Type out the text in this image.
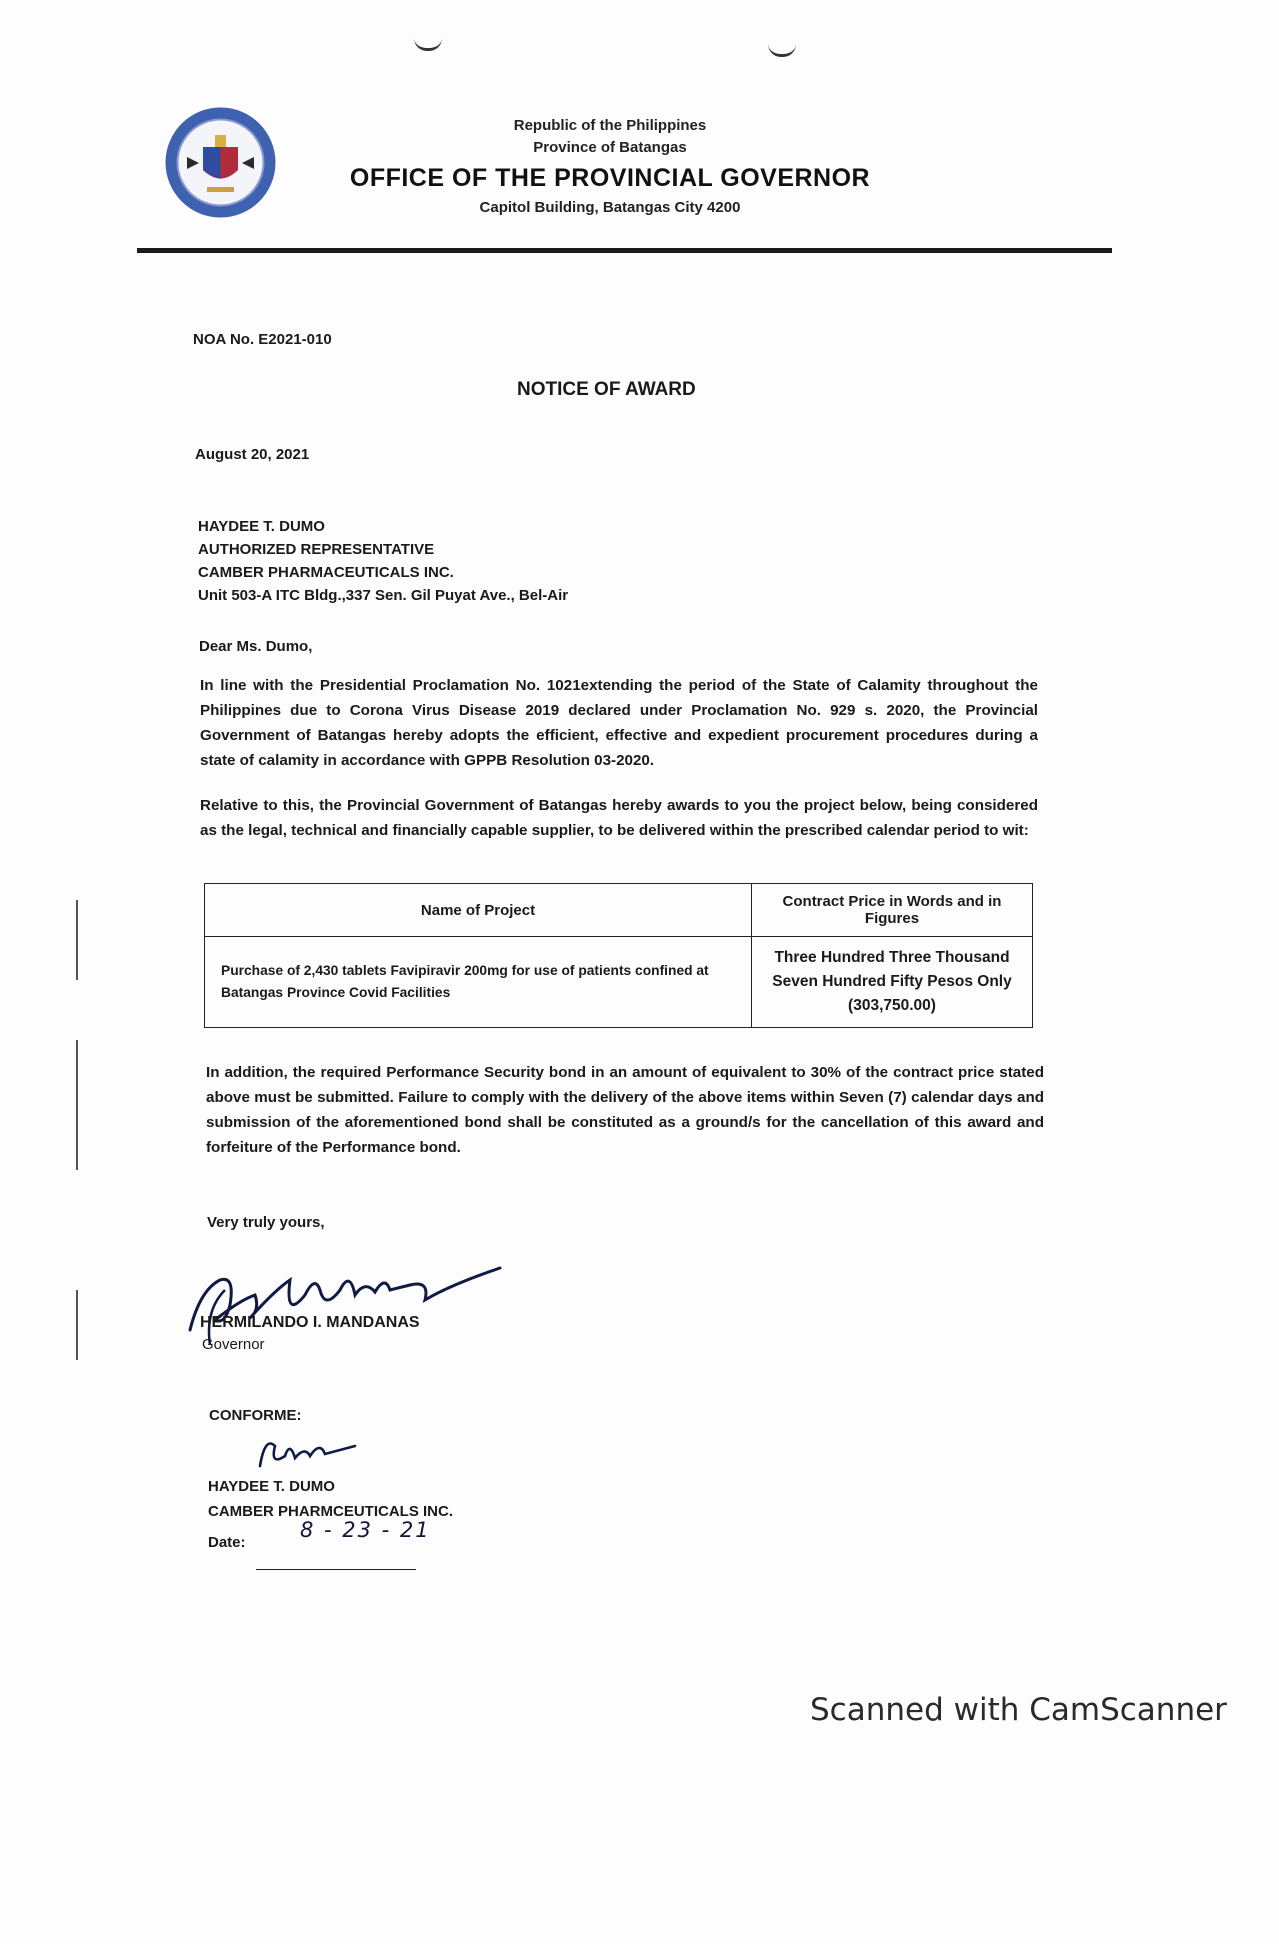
Republic of the Philippines
Province of Batangas
OFFICE OF THE PROVINCIAL GOVERNOR
Capitol Building, Batangas City 4200
NOA No. E2021-010
NOTICE OF AWARD
August 20, 2021
HAYDEE T. DUMO
AUTHORIZED REPRESENTATIVE
CAMBER PHARMACEUTICALS INC.
Unit 503-A ITC Bldg.,337 Sen. Gil Puyat Ave., Bel-Air
Dear Ms. Dumo,
In line with the Presidential Proclamation No. 1021extending the period of the State of Calamity throughout the Philippines due to Corona Virus Disease 2019 declared under Proclamation No. 929 s. 2020, the Provincial Government of Batangas hereby adopts the efficient, effective and expedient procurement procedures during a state of calamity in accordance with GPPB Resolution 03-2020.
Relative to this, the Provincial Government of Batangas hereby awards to you the project below, being considered as the legal, technical and financially capable supplier, to be delivered within the prescribed calendar period to wit:
Name of Project	Contract Price in Words and in Figures
Purchase of 2,430 tablets Favipiravir 200mg for use of patients confined at Batangas Province Covid Facilities	Three Hundred Three Thousand Seven Hundred Fifty Pesos Only
(303,750.00)
In addition, the required Performance Security bond in an amount of equivalent to 30% of the contract price stated above must be submitted. Failure to comply with the delivery of the above items within Seven (7) calendar days and submission of the aforementioned bond shall be constituted as a ground/s for the cancellation of this award and forfeiture of the Performance bond.
Very truly yours,
HERMILANDO I. MANDANAS
Governor
CONFORME:
HAYDEE T. DUMO
CAMBER PHARMCEUTICALS INC.
Date:
8 - 23 - 21
Scanned with CamScanner
